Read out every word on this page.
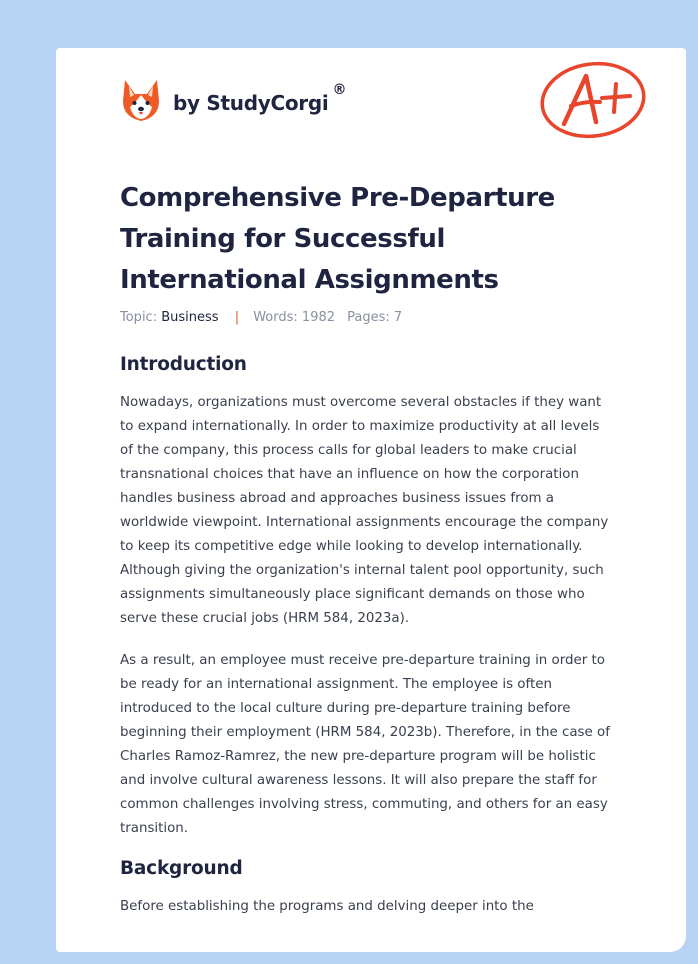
by StudyCorgi®
Comprehensive Pre-Departure
Training for Successful
International Assignments
Topic: Business | Words: 1982 Pages: 7
Introduction

Nowadays, organizations must overcome several obstacles if they want
to expand internationally. In order to maximize productivity at all levels
of the company, this process calls for global leaders to make crucial
transnational choices that have an influence on how the corporation
handles business abroad and approaches business issues from a
worldwide viewpoint. International assignments encourage the company
to keep its competitive edge while looking to develop internationally.
Although giving the organization's internal talent pool opportunity, such
assignments simultaneously place significant demands on those who
serve these crucial jobs (HRM 584, 2023a).

As a result, an employee must receive pre-departure training in order to
be ready for an international assignment. The employee is often
introduced to the local culture during pre-departure training before
beginning their employment (HRM 584, 2023b). Therefore, in the case of
Charles Ramoz-Ramrez, the new pre-departure program will be holistic
and involve cultural awareness lessons. It will also prepare the staff for
common challenges involving stress, commuting, and others for an easy
transition.

Background

Before establishing the programs and delving deeper into the
